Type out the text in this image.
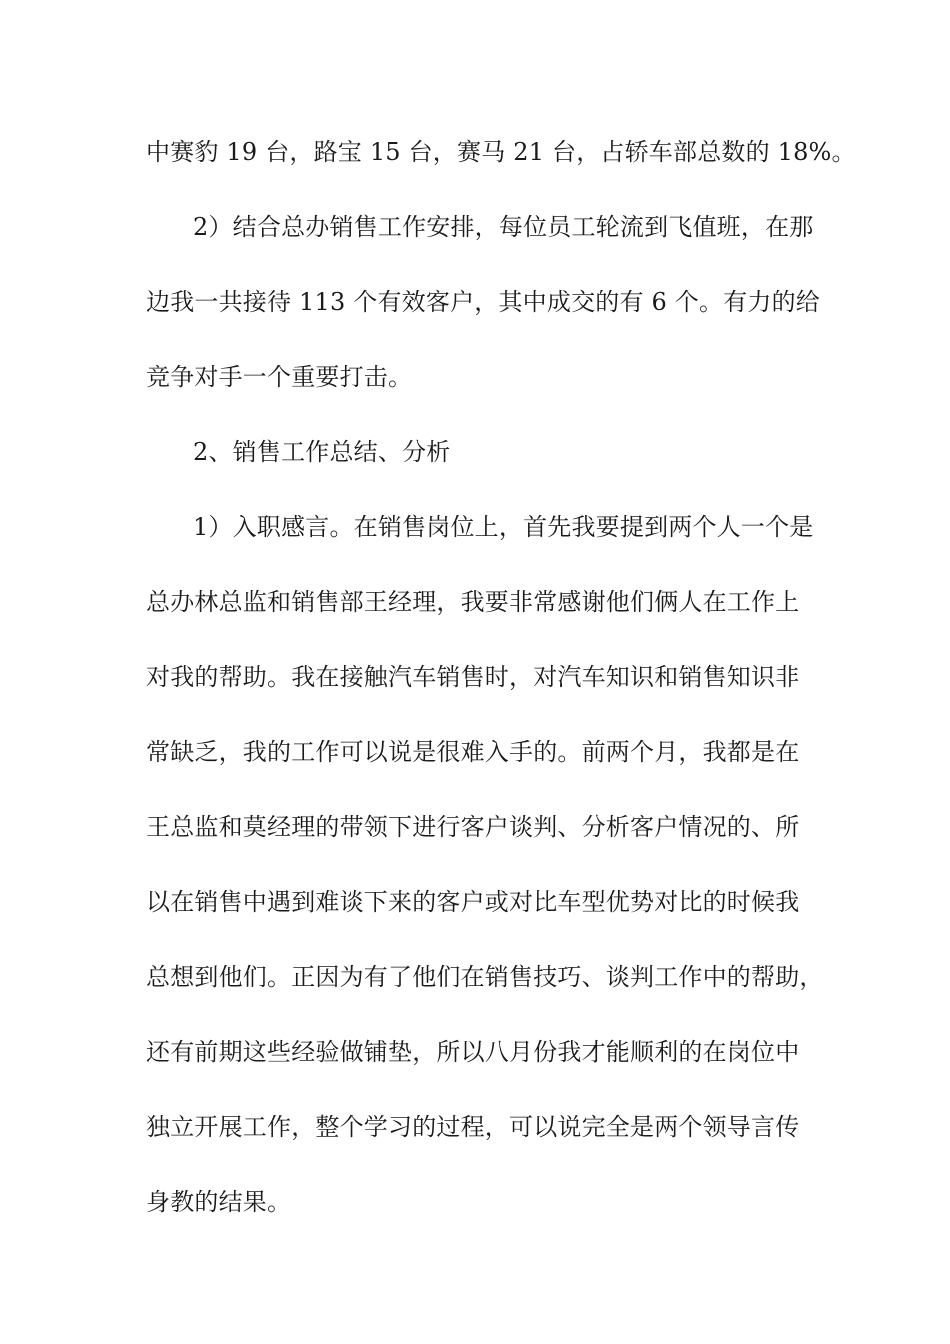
中赛豹 19 台，路宝 15 台，赛马 21 台，占轿车部总数的 18%。

2）结合总办销售工作安排，每位员工轮流到飞值班，在那

边我一共接待 113 个有效客户，其中成交的有 6 个。有力的给

竞争对手一个重要打击。

2、销售工作总结、分析

1）入职感言。在销售岗位上，首先我要提到两个人一个是

总办林总监和销售部王经理，我要非常感谢他们俩人在工作上

对我的帮助。我在接触汽车销售时，对汽车知识和销售知识非

常缺乏，我的工作可以说是很难入手的。前两个月，我都是在

王总监和莫经理的带领下进行客户谈判、分析客户情况的、所

以在销售中遇到难谈下来的客户或对比车型优势对比的时候我

总想到他们。正因为有了他们在销售技巧、谈判工作中的帮助，

还有前期这些经验做铺垫，所以八月份我才能顺利的在岗位中

独立开展工作，整个学习的过程，可以说完全是两个领导言传

身教的结果。
